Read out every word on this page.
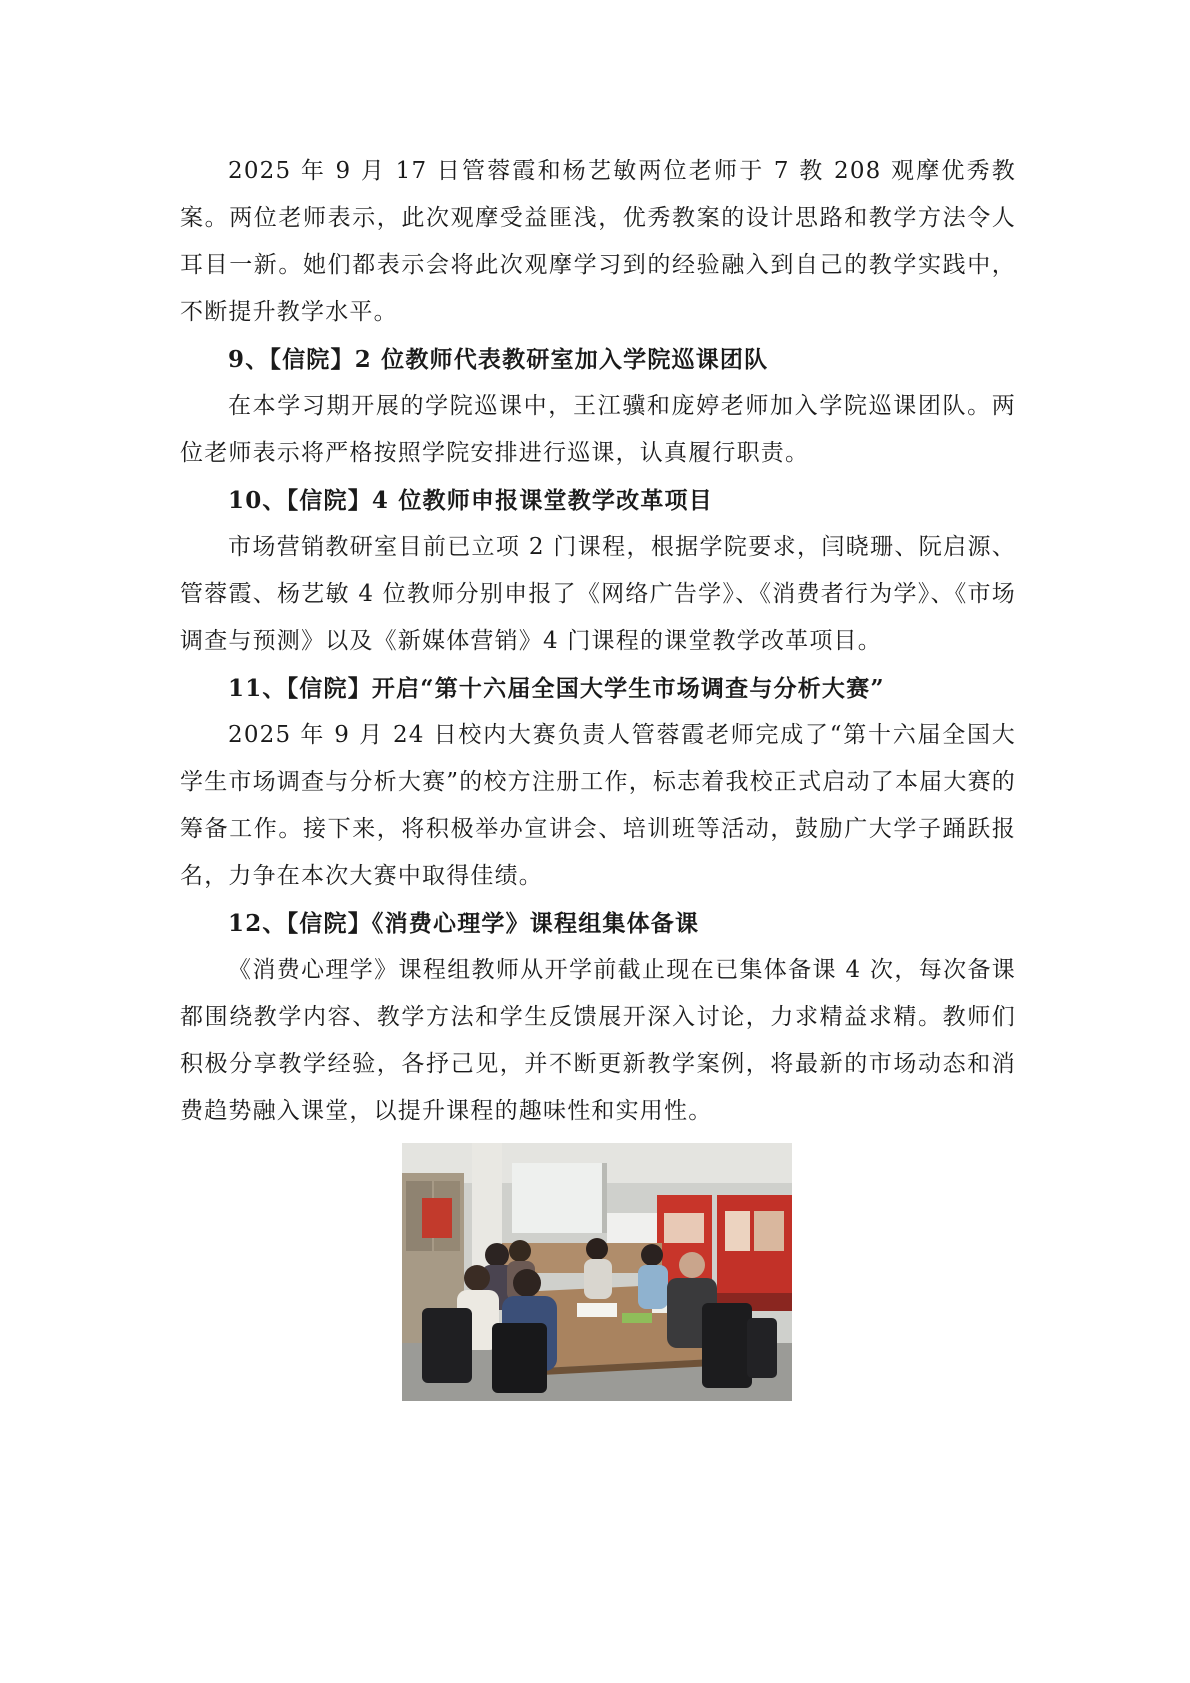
2025 年 9 月 17 日管蓉霞和杨艺敏两位老师于 7 教 208 观摩优秀教案。两位老师表示，此次观摩受益匪浅，优秀教案的设计思路和教学方法令人耳目一新。她们都表示会将此次观摩学习到的经验融入到自己的教学实践中，不断提升教学水平。

9、【信院】2 位教师代表教研室加入学院巡课团队

在本学习期开展的学院巡课中，王江骥和庞婷老师加入学院巡课团队。两位老师表示将严格按照学院安排进行巡课，认真履行职责。

10、【信院】4 位教师申报课堂教学改革项目

市场营销教研室目前已立项 2 门课程，根据学院要求，闫晓珊、阮启源、管蓉霞、杨艺敏 4 位教师分别申报了《网络广告学》、《消费者行为学》、《市场调查与预测》以及《新媒体营销》4 门课程的课堂教学改革项目。

11、【信院】开启“第十六届全国大学生市场调查与分析大赛”

2025 年 9 月 24 日校内大赛负责人管蓉霞老师完成了“第十六届全国大学生市场调查与分析大赛”的校方注册工作，标志着我校正式启动了本届大赛的筹备工作。接下来，将积极举办宣讲会、培训班等活动，鼓励广大学子踊跃报名，力争在本次大赛中取得佳绩。

12、【信院】《消费心理学》课程组集体备课

《消费心理学》课程组教师从开学前截止现在已集体备课 4 次，每次备课都围绕教学内容、教学方法和学生反馈展开深入讨论，力求精益求精。教师们积极分享教学经验，各抒己见，并不断更新教学案例，将最新的市场动态和消费趋势融入课堂，以提升课程的趣味性和实用性。
